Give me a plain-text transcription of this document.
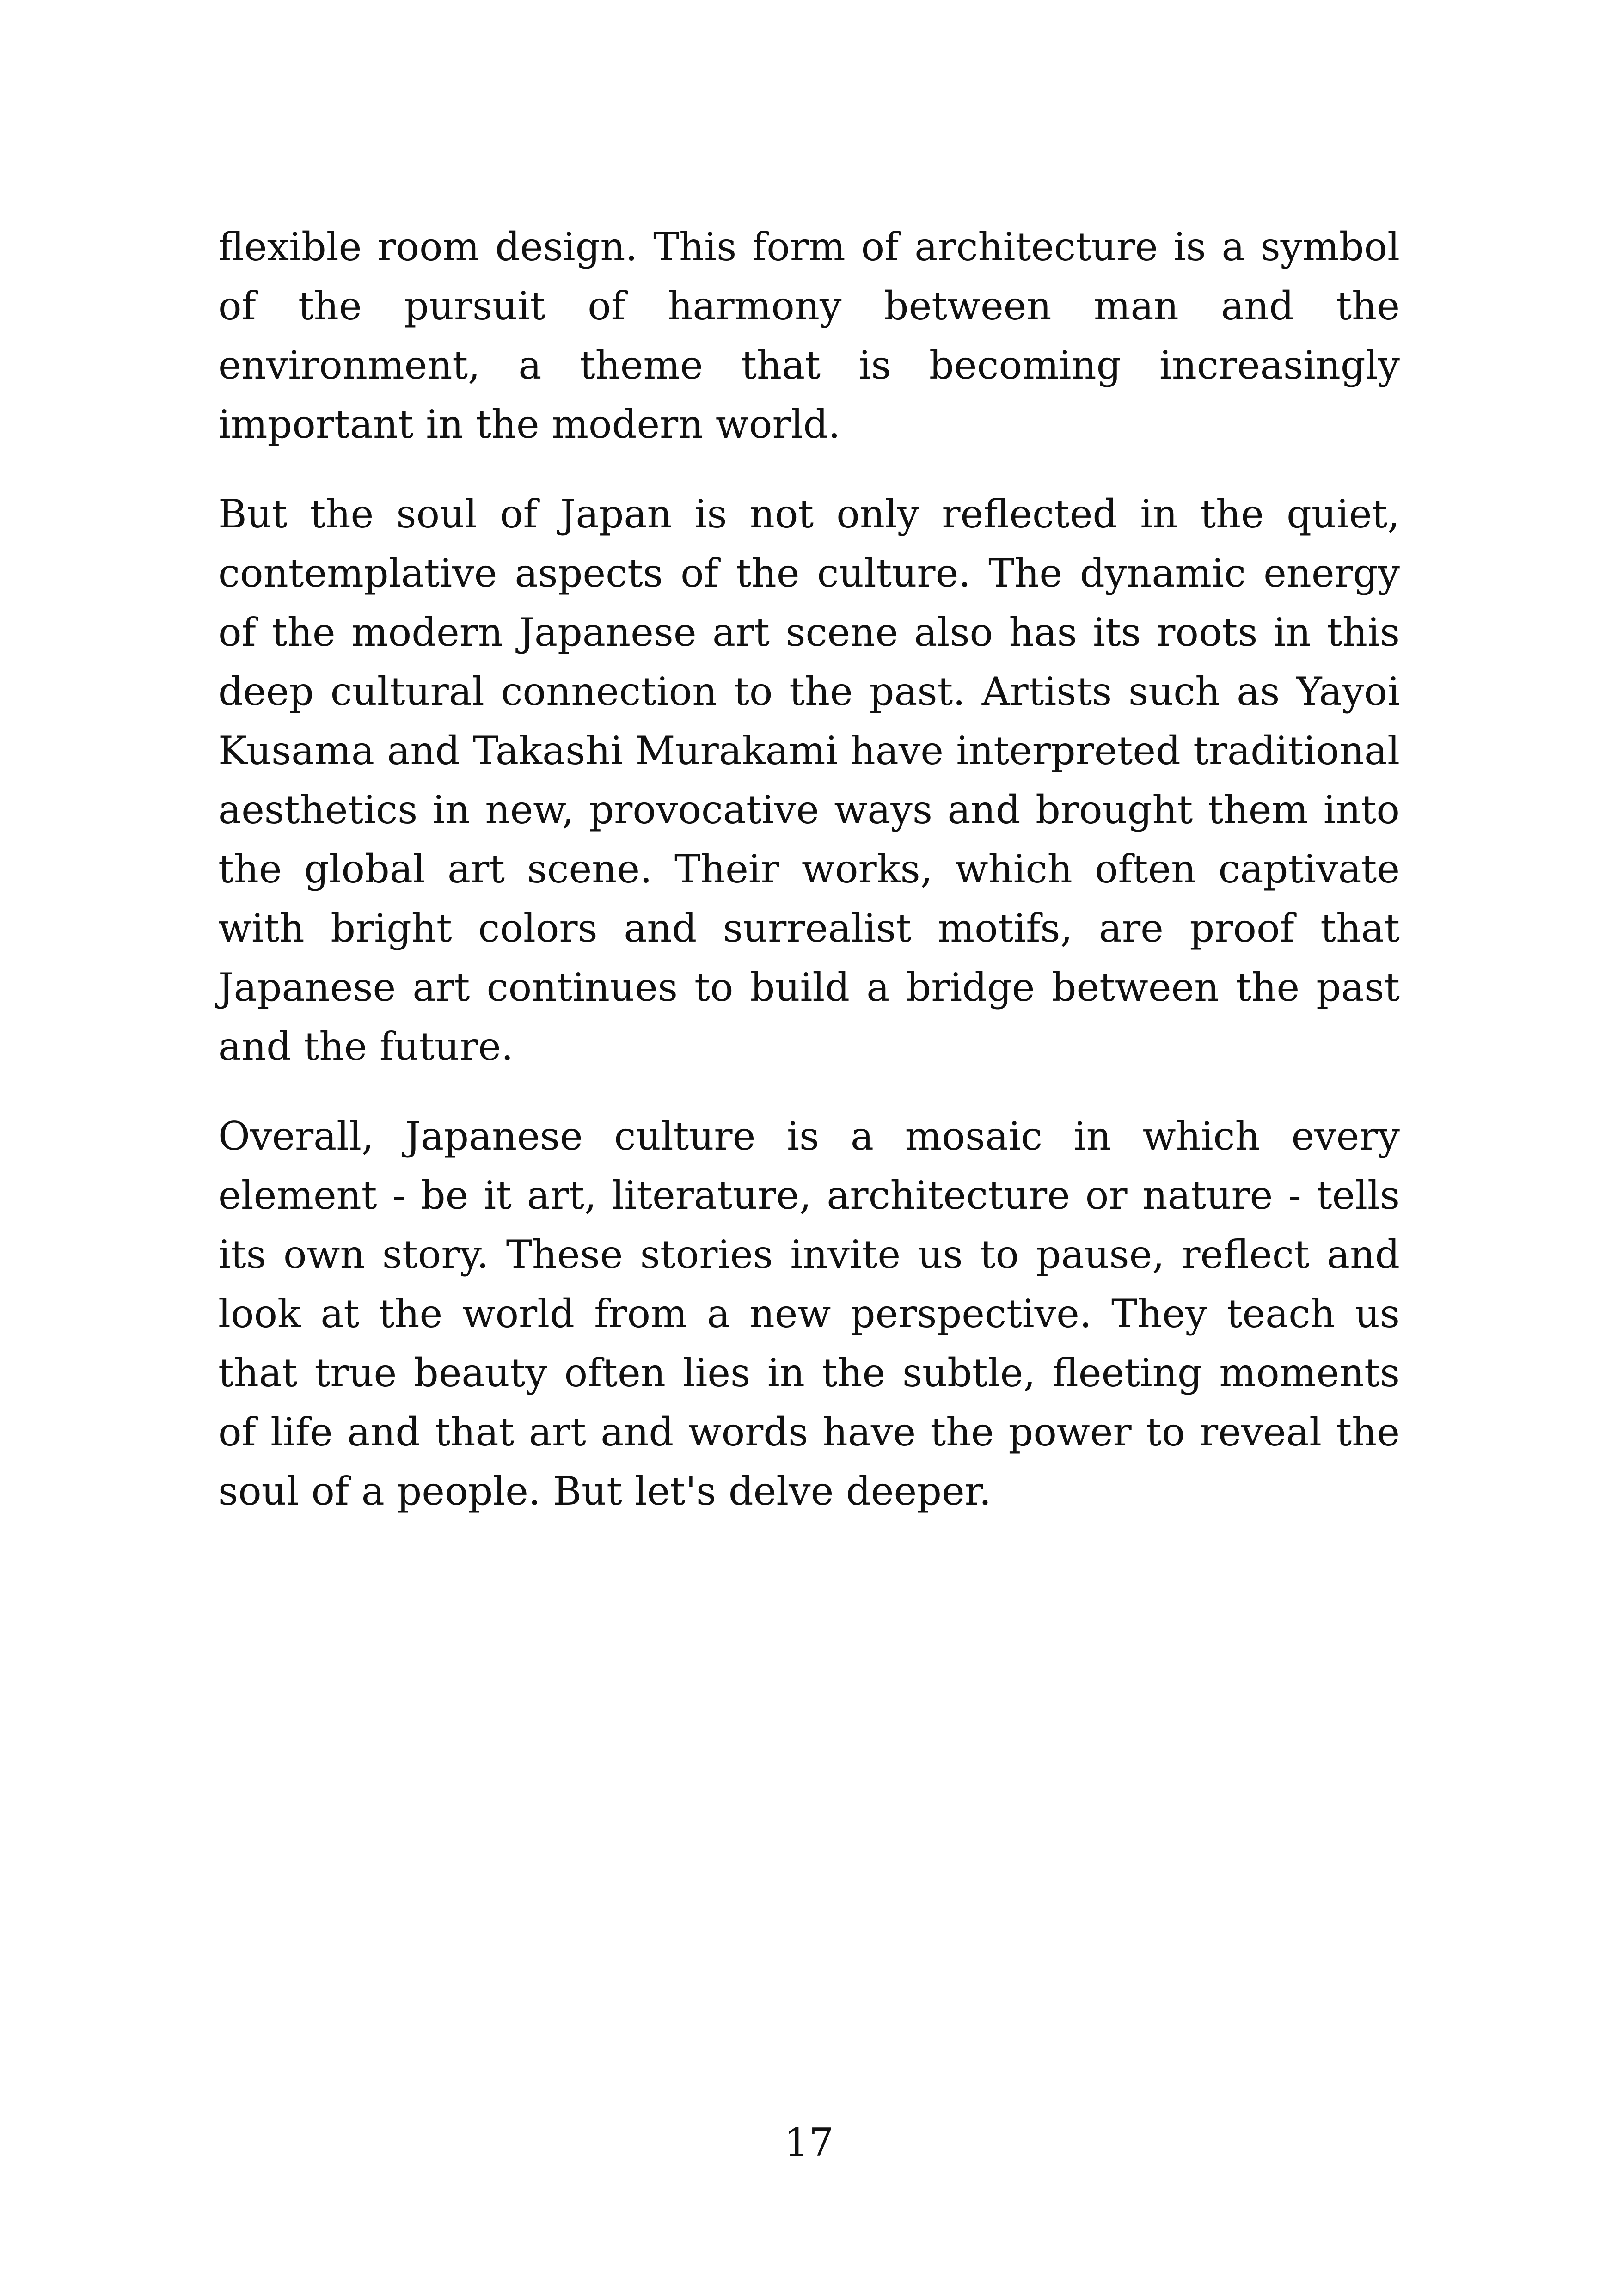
flexible room design. This form of architecture is a symbol of the pursuit of harmony between man and the environment, a theme that is becoming increasingly important in the modern world.

But the soul of Japan is not only reflected in the quiet, contemplative aspects of the culture. The dynamic energy of the modern Japanese art scene also has its roots in this deep cultural connection to the past. Artists such as Yayoi Kusama and Takashi Murakami have interpreted traditional aesthetics in new, provocative ways and brought them into the global art scene. Their works, which often captivate with bright colors and surrealist motifs, are proof that Japanese art continues to build a bridge between the past and the future.

Overall, Japanese culture is a mosaic in which every element - be it art, literature, architecture or nature - tells its own story. These stories invite us to pause, reflect and look at the world from a new perspective. They teach us that true beauty often lies in the subtle, fleeting moments of life and that art and words have the power to reveal the soul of a people. But let's delve deeper.

17
